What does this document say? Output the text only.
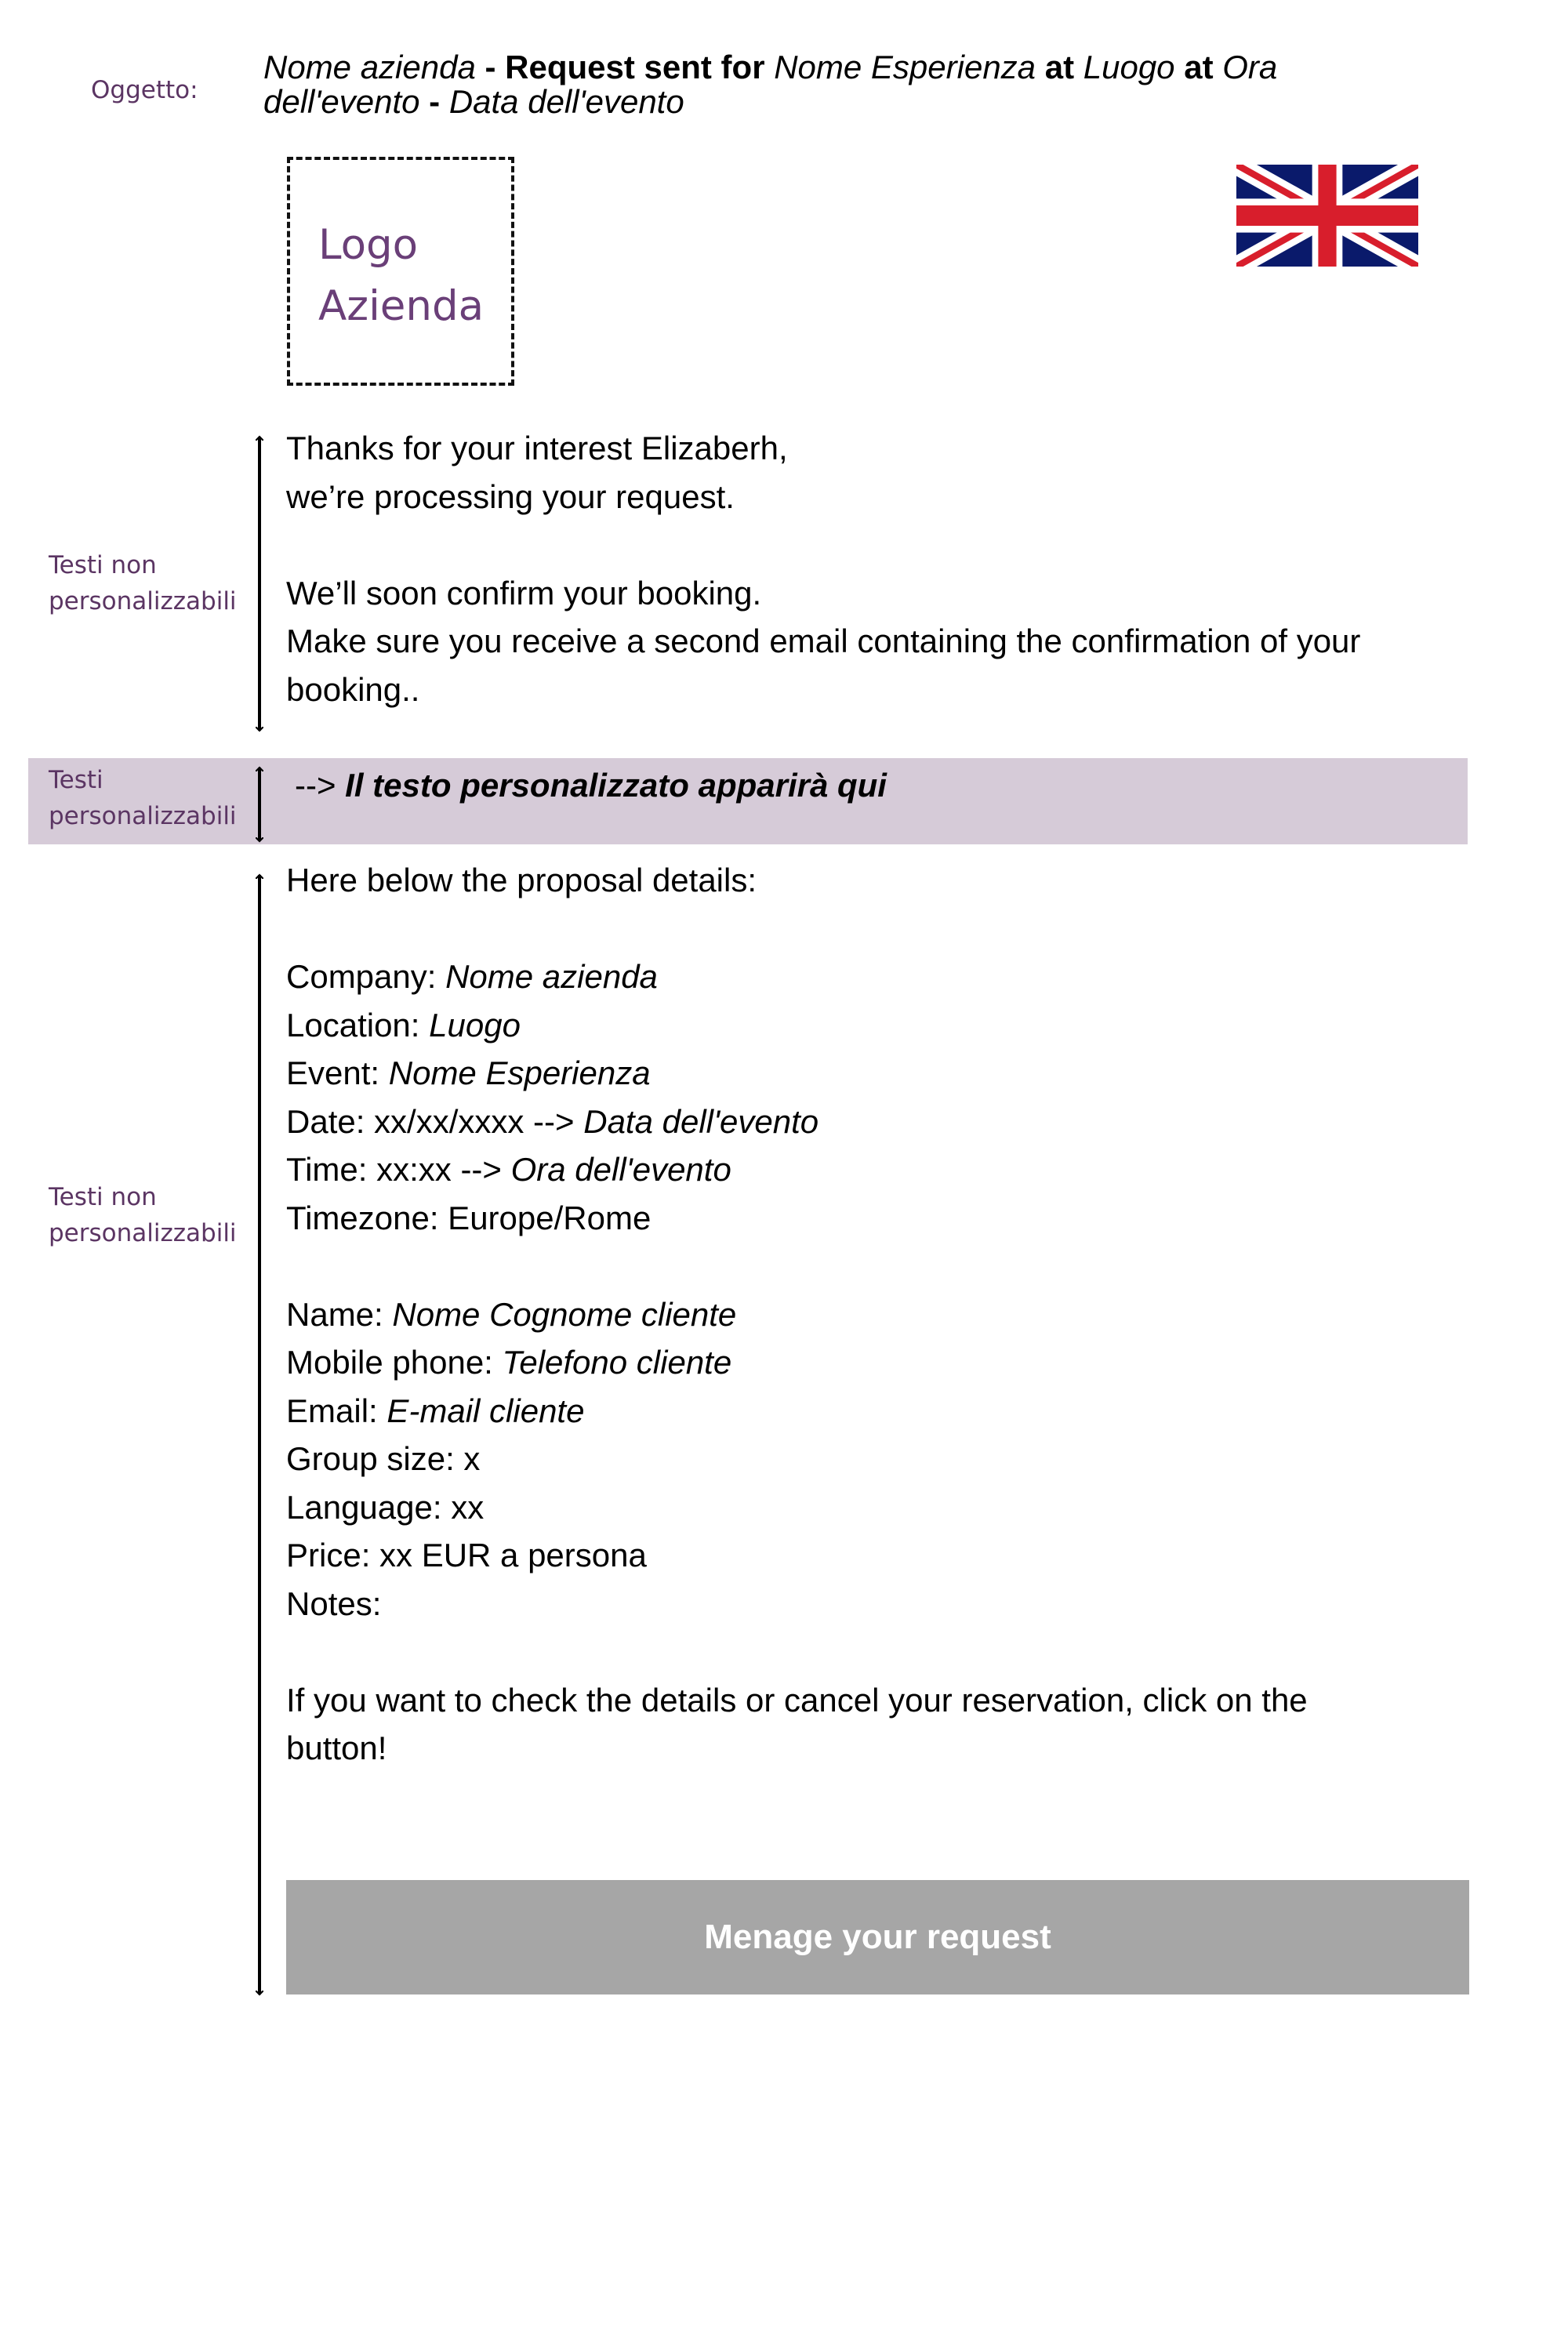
Oggetto:
Nome azienda - Request sent for Nome Esperienza at Luogo at Ora dell'evento - Data dell'evento
Logo
Azienda
Testi non
personalizzabili
Testi
personalizzabili
Testi non
personalizzabili
Thanks for your interest Elizaberh,
we’re processing your request.
We’ll soon confirm your booking.
Make sure you receive a second email containing the confirmation of your
booking..
--> Il testo personalizzato apparirà qui
Here below the proposal details:
Company: Nome azienda
Location: Luogo
Event: Nome Esperienza
Date: xx/xx/xxxx --> Data dell'evento
Time: xx:xx --> Ora dell'evento
Timezone: Europe/Rome
Name: Nome Cognome cliente
Mobile phone: Telefono cliente
Email: E-mail cliente
Group size: x
Language: xx
Price: xx EUR a persona
Notes:
If you want to check the details or cancel your reservation, click on the
button!
Menage your request
